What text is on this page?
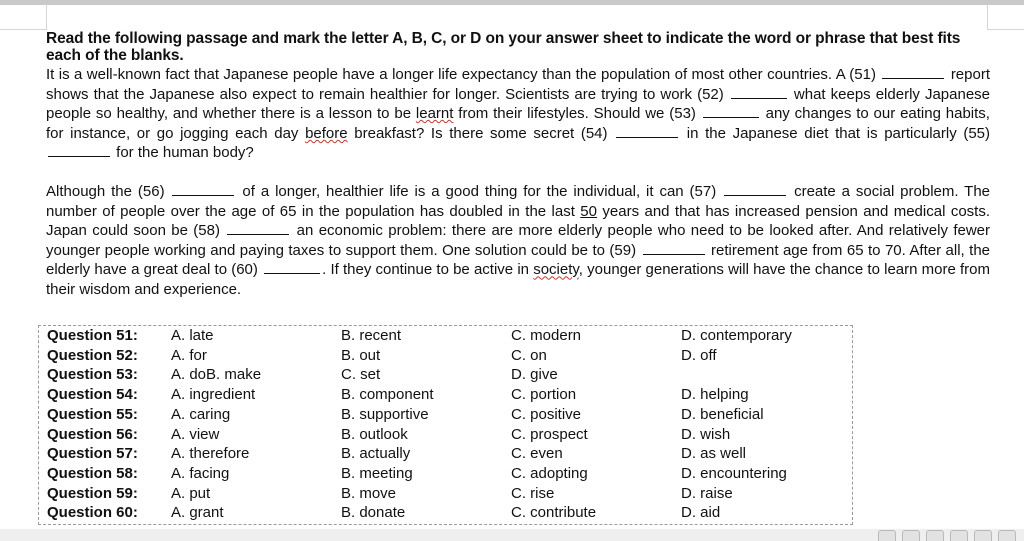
Read the following passage and mark the letter A, B, C, or D on your answer sheet to indicate the word or phrase that best fits each of the blanks.

It is a well-known fact that Japanese people have a longer life expectancy than the population of most other countries. A (51)	report shows that the Japanese also expect to remain healthier for longer. Scientists are trying to work (52)	what keeps elderly Japanese people so healthy, and whether there is a lesson to be learnt from their lifestyles. Should we (53)	any changes to our eating habits, for instance, or go jogging each day before breakfast? Is there some secret (54)	in the Japanese diet that is particularly (55)  for the human body?

Although the (56)	of a longer, healthier life is a good thing for the individual, it can (57)	create a social problem. The number of people over the age of 65 in the population has doubled in the last 50 years and that has increased pension and medical costs. Japan could soon be (58)	an economic problem: there are more elderly people who need to be looked after. And relatively fewer younger people working and paying taxes to support them. One solution could be to (59)	retirement age from 65 to 70. After all, the elderly have a great deal to (60)	. If they continue to be active in society, younger generations will have the chance to learn more from their wisdom and experience.

Question 51:	A. late	B. recent	C. modern	D. contemporary
Question 52:	A. for	B. out	C. on	D. off
Question 53:	A. doB. make	C. set	D. give
Question 54:	A. ingredient	B. component	C. portion	D. helping
Question 55:	A. caring	B. supportive	C. positive	D. beneficial
Question 56:	A. view	B. outlook	C. prospect	D. wish
Question 57:	A. therefore	B. actually	C. even	D. as well
Question 58:	A. facing	B. meeting	C. adopting	D. encountering
Question 59:	A. put	B. move	C. rise	D. raise
Question 60:	A. grant	B. donate	C. contribute	D. aid
